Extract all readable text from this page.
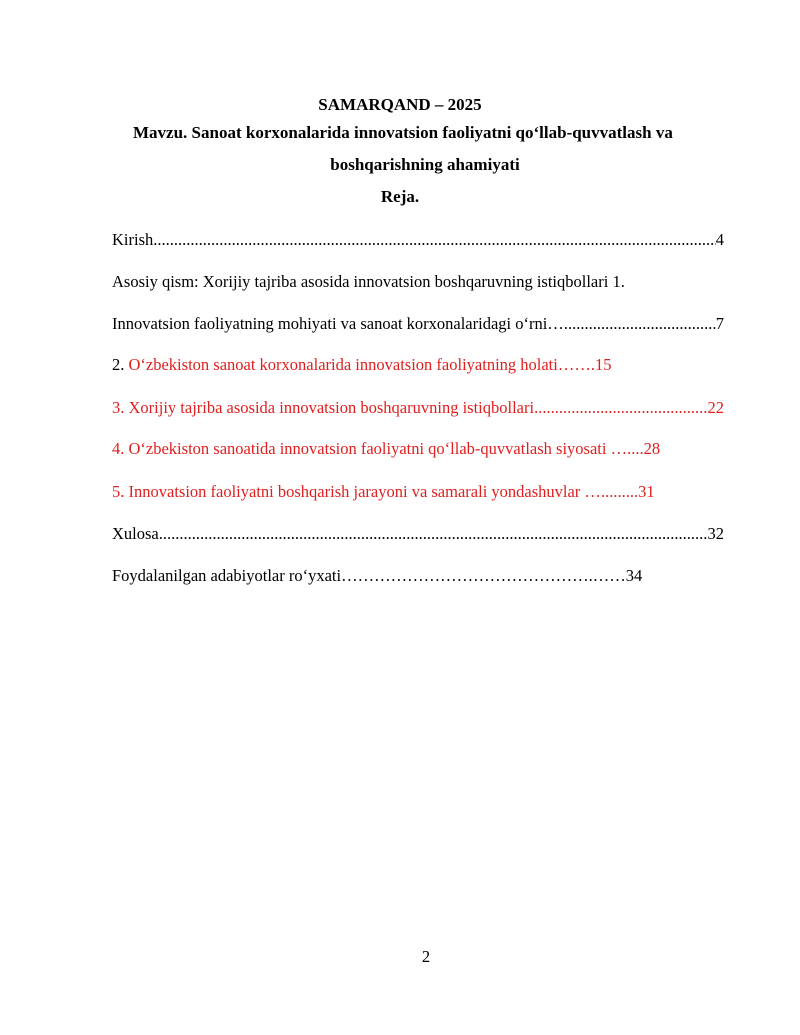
SAMARQAND – 2025
Mavzu. Sanoat korxonalarida innovatsion faoliyatni qo‘llab-quvvatlash va
boshqarishning ahamiyati
Reja.
Kirish .....	4
Asosiy qism: Xorijiy tajriba asosida innovatsion boshqaruvning istiqbollari 1.
Innovatsion faoliyatning mohiyati va sanoat korxonalaridagi o‘rni… .....	7
2. O‘zbekiston sanoat korxonalarida innovatsion faoliyatning holati…….15
3. Xorijiy tajriba asosida innovatsion boshqaruvning istiqbollari .....	22
4. O‘zbekiston sanoatida innovatsion faoliyatni qo‘llab-quvvatlash siyosati …....28
5. Innovatsion faoliyatni boshqarish jarayoni va samarali yondashuvlar ….........31
Xulosa .....	32
Foydalanilgan adabiyotlar ro‘yxati……………………………………….……34
2
